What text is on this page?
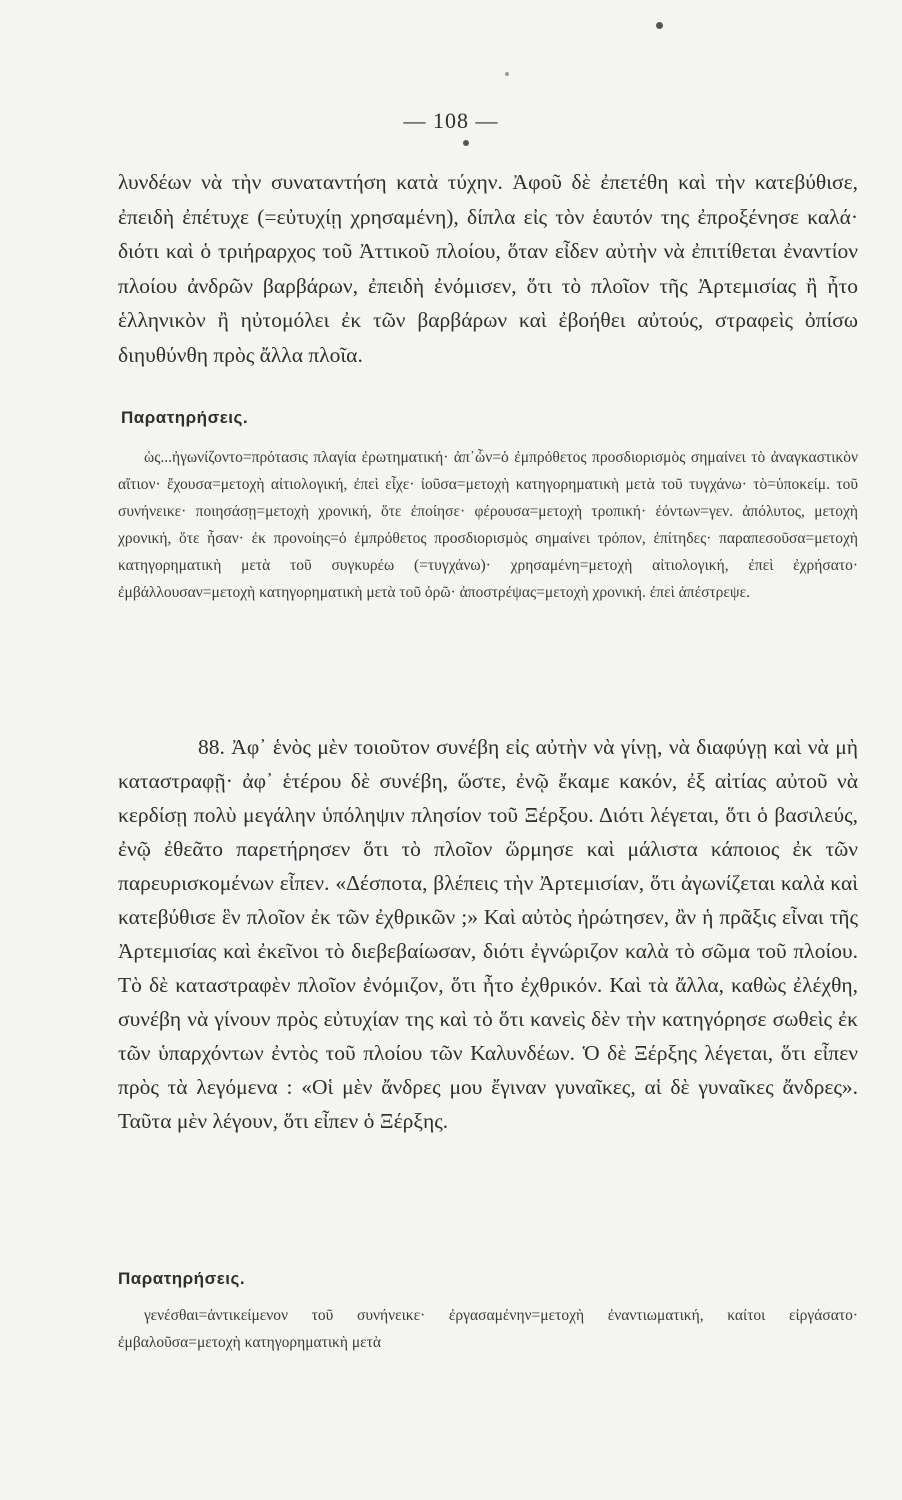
— 108 —

λυνδέων νὰ τὴν συναταντήση κατὰ τύχην. Ἀφοῦ δὲ ἐπετέθη καὶ τὴν κατεβύθισε, ἐπειδὴ ἐπέτυχε (=εὐτυχίῃ χρησαμένη), δίπλα εἰς τὸν ἑαυτόν της ἐπροξένησε καλά· διότι καὶ ὁ τριήραρχος τοῦ Ἀττικοῦ πλοίου, ὅταν εἶδεν αὐτὴν νὰ ἐπιτίθεται ἐναντίον πλοίου ἀνδρῶν βαρβάρων, ἐπειδὴ ἐνόμισεν, ὅτι τὸ πλοῖον τῆς Ἀρτεμισίας ἢ ἦτο ἑλληνικὸν ἢ ηὐτομόλει ἐκ τῶν βαρβάρων καὶ ἐβοήθει αὐτούς, στραφεὶς ὀπίσω διηυθύνθη πρὸς ἄλλα πλοῖα.

Παρατηρήσεις.

ὡς...ἠγωνίζοντο=πρότασις πλαγία ἐρωτηματική· ἀπ᾿ὧν=ὁ ἐμπρόθετος προσδιορισμὸς σημαίνει τὸ ἀναγκαστικὸν αἴτιον· ἔχουσα=μετοχὴ αἰτιολογική, ἐπεὶ εἶχε· ἰοῦσα=μετοχὴ κατηγορηματικὴ μετὰ τοῦ τυγχάνω· τὸ=ὑποκείμ. τοῦ συνήνεικε· ποιησάσῃ=μετοχὴ χρονική, ὅτε ἐποίησε· φέρουσα=μετοχὴ τροπική· ἐόντων=γεν. ἀπόλυτος, μετοχὴ χρονική, ὅτε ἦσαν· ἐκ προνοίης=ὁ ἐμπρόθετος προσδιορισμὸς σημαίνει τρόπον, ἐπίτηδες· παραπεσοῦσα=μετοχὴ κατηγορηματικὴ μετὰ τοῦ συγκυρέω (=τυγχάνω)· χρησαμένη=μετοχὴ αἰτιολογική, ἐπεὶ ἐχρήσατο· ἐμβάλλουσαν=μετοχὴ κατηγορηματικὴ μετὰ τοῦ ὁρῶ· ἀποστρέψας=μετοχὴ χρονική. ἐπεὶ ἀπέστρεψε.

88. Ἀφ᾿ ἑνὸς μὲν τοιοῦτον συνέβη εἰς αὐτὴν νὰ γίνῃ, νὰ διαφύγῃ καὶ νὰ μὴ καταστραφῇ· ἀφ᾿ ἑτέρου δὲ συνέβη, ὥστε, ἐνῷ ἔκαμε κακόν, ἐξ αἰτίας αὐτοῦ νὰ κερδίσῃ πολὺ μεγάλην ὑπόληψιν πλησίον τοῦ Ξέρξου. Διότι λέγεται, ὅτι ὁ βασιλεύς, ἐνῷ ἐθεᾶτο παρετήρησεν ὅτι τὸ πλοῖον ὥρμησε καὶ μάλιστα κάποιος ἐκ τῶν παρευρισκομένων εἶπεν. «Δέσποτα, βλέπεις τὴν Ἀρτεμισίαν, ὅτι ἀγωνίζεται καλὰ καὶ κατεβύθισε ἓν πλοῖον ἐκ τῶν ἐχθρικῶν ;» Καὶ αὐτὸς ἠρώτησεν, ἂν ἡ πρᾶξις εἶναι τῆς Ἀρτεμισίας καὶ ἐκεῖνοι τὸ διεβεβαίωσαν, διότι ἐγνώριζον καλὰ τὸ σῶμα τοῦ πλοίου. Τὸ δὲ καταστραφὲν πλοῖον ἐνόμιζον, ὅτι ἦτο ἐχθρικόν. Καὶ τὰ ἄλλα, καθὼς ἐλέχθη, συνέβη νὰ γίνουν πρὸς εὐτυχίαν της καὶ τὸ ὅτι κανεὶς δὲν τὴν κατηγόρησε σωθεὶς ἐκ τῶν ὑπαρχόντων ἐντὸς τοῦ πλοίου τῶν Καλυνδέων. Ὁ δὲ Ξέρξης λέγεται, ὅτι εἶπεν πρὸς τὰ λεγόμενα : «Οἱ μὲν ἄνδρες μου ἔγιναν γυναῖκες, αἱ δὲ γυναῖκες ἄνδρες». Ταῦτα μὲν λέγουν, ὅτι εἶπεν ὁ Ξέρξης.

Παρατηρήσεις.

γενέσθαι=ἀντικείμενον τοῦ συνήνεικε· ἐργασαμένην=μετοχὴ ἐναντιωματική, καίτοι εἰργάσατο· ἐμβαλοῦσα=μετοχὴ κατηγορηματικὴ μετὰ
